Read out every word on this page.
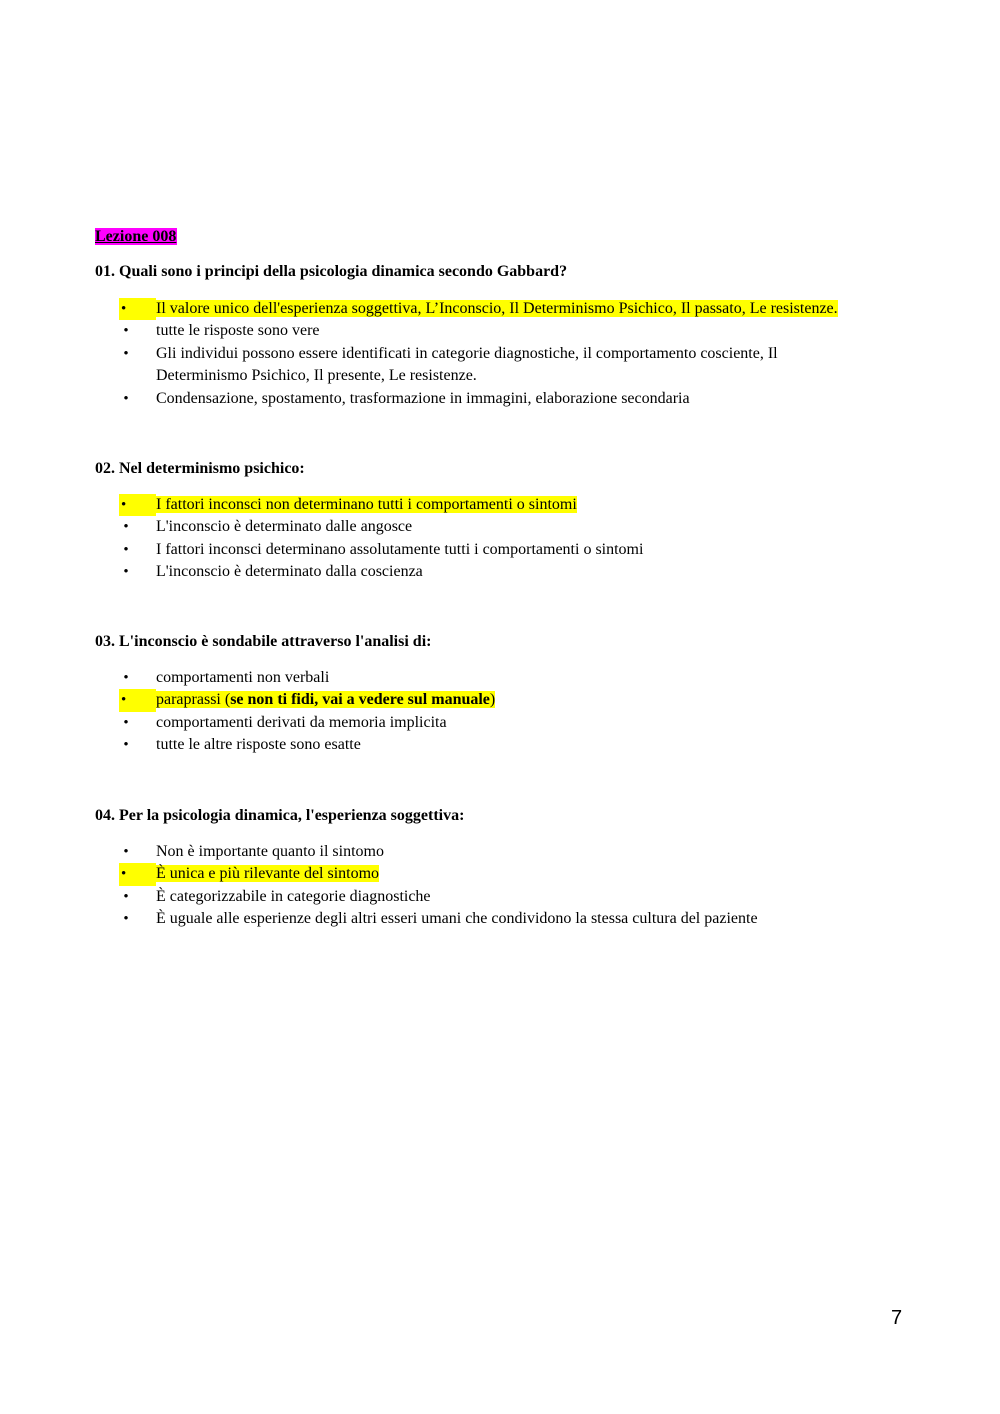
Lezione 008

01. Quali sono i principi della psicologia dinamica secondo Gabbard?

•	Il valore unico dell'esperienza soggettiva, L’Inconscio, Il Determinismo Psichico, Il passato, Le resistenze.
• tutte le risposte sono vere
• Gli individui possono essere identificati in categorie diagnostiche, il comportamento cosciente, Il
Determinismo Psichico, Il presente, Le resistenze.
• Condensazione, spostamento, trasformazione in immagini, elaborazione secondaria

02. Nel determinismo psichico:

•	I fattori inconsci non determinano tutti i comportamenti o sintomi
• L'inconscio è determinato dalle angosce
• I fattori inconsci determinano assolutamente tutti i comportamenti o sintomi
• L'inconscio è determinato dalla coscienza

03. L'inconscio è sondabile attraverso l'analisi di:

• comportamenti non verbali
•	paraprassi (se non ti fidi, vai a vedere sul manuale)
• comportamenti derivati da memoria implicita
• tutte le altre risposte sono esatte

04. Per la psicologia dinamica, l'esperienza soggettiva:

• Non è importante quanto il sintomo
•	È unica e più rilevante del sintomo
• È categorizzabile in categorie diagnostiche
• È uguale alle esperienze degli altri esseri umani che condividono la stessa cultura del paziente
7
